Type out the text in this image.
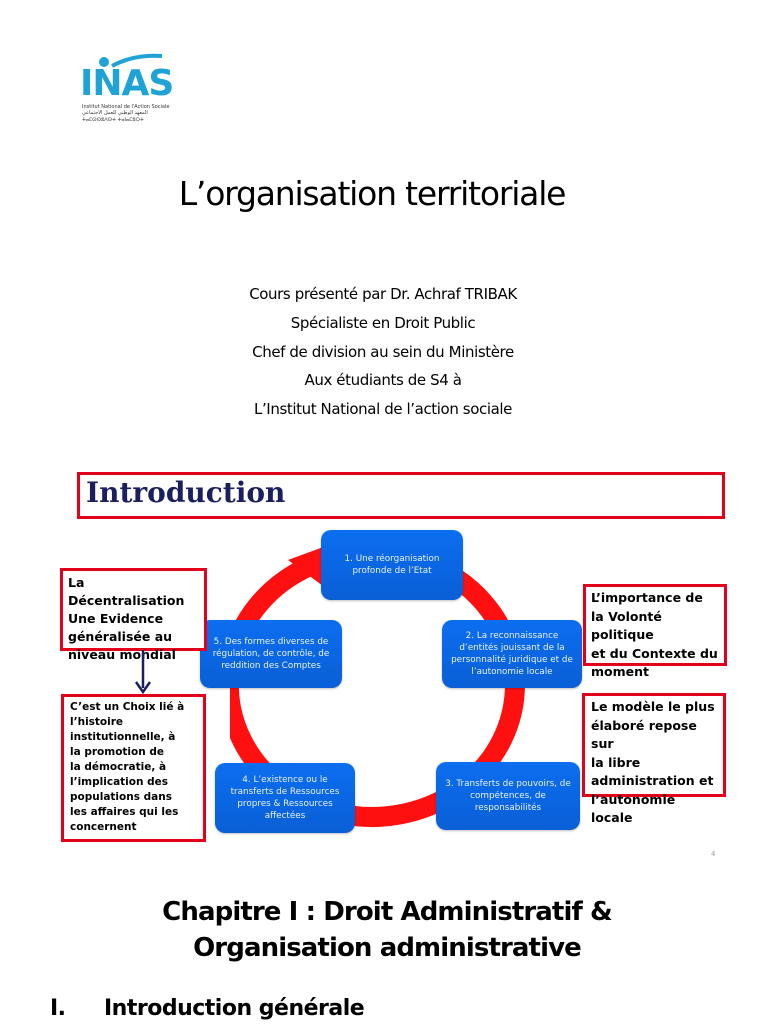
INAS
Institut National de l'Action Sociale
المعهد الوطني للعمل الاجتماعي
ⵜⴰⵎⵙⵙⵓⴷⵙⵜ ⵜⴰⵏⴰⵎⵓⵔⵜ
L’organisation territoriale
Cours présenté par Dr. Achraf TRIBAK
Spécialiste en Droit Public
Chef de division au sein du Ministère
Aux étudiants de S4 à
L’Institut National de l’action sociale
Introduction
1. Une réorganisation profonde de l’Etat
2. La reconnaissance d’entités jouissant de la personnalité juridique et de l’autonomie locale
3. Transferts de pouvoirs, de compétences, de responsabilités
4. L’existence ou le transferts de Ressources propres & Ressources affectées
5. Des formes diverses de régulation, de contrôle, de reddition des Comptes
La Décentralisation
Une Evidence
généralisée au
niveau mondial
C’est un Choix lié à
l’histoire
institutionnelle, à
la promotion de
la démocratie, à
l’implication des
populations dans
les affaires qui les
concernent
L’importance de
la Volonté politique
et du Contexte du
moment
Le modèle le plus
élaboré repose sur
la libre
administration et
l’autonomie locale
4
Chapitre I : Droit Administratif &
Organisation administrative
I. Introduction générale
